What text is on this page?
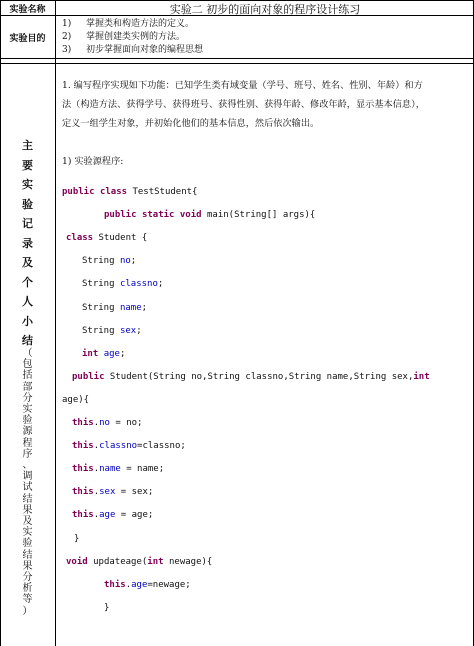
实验名称	实验二 初步的面向对象的程序设计练习
实验目的
1) 掌握类和构造方法的定义。
2) 掌握创建类实例的方法。
3) 初步掌握面向对象的编程思想
主
要
实
验
记
录
及
个
人
小
结
（
包
括
部
分
实
验
源
程
序
、
调
试
结
果
及
实
验
结
果
分
析
等
）
1. 编写程序实现如下功能：已知学生类有域变量（学号、班号、姓名、性别、年龄）和方
法（构造方法、获得学号、获得班号、获得性别、获得年龄、修改年龄，显示基本信息），
定义一组学生对象，并初始化他们的基本信息，然后依次输出。
1) 实验源程序:
public class TestStudent{
public static void main(String[] args){
class Student {
String no;
String classno;
String name;
String sex;
int age;
public Student(String no,String classno,String name,String sex,int
age){
this.no = no;
this.classno=classno;
this.name = name;
this.sex = sex;
this.age = age;
}
void updateage(int newage){
this.age=newage;
}
